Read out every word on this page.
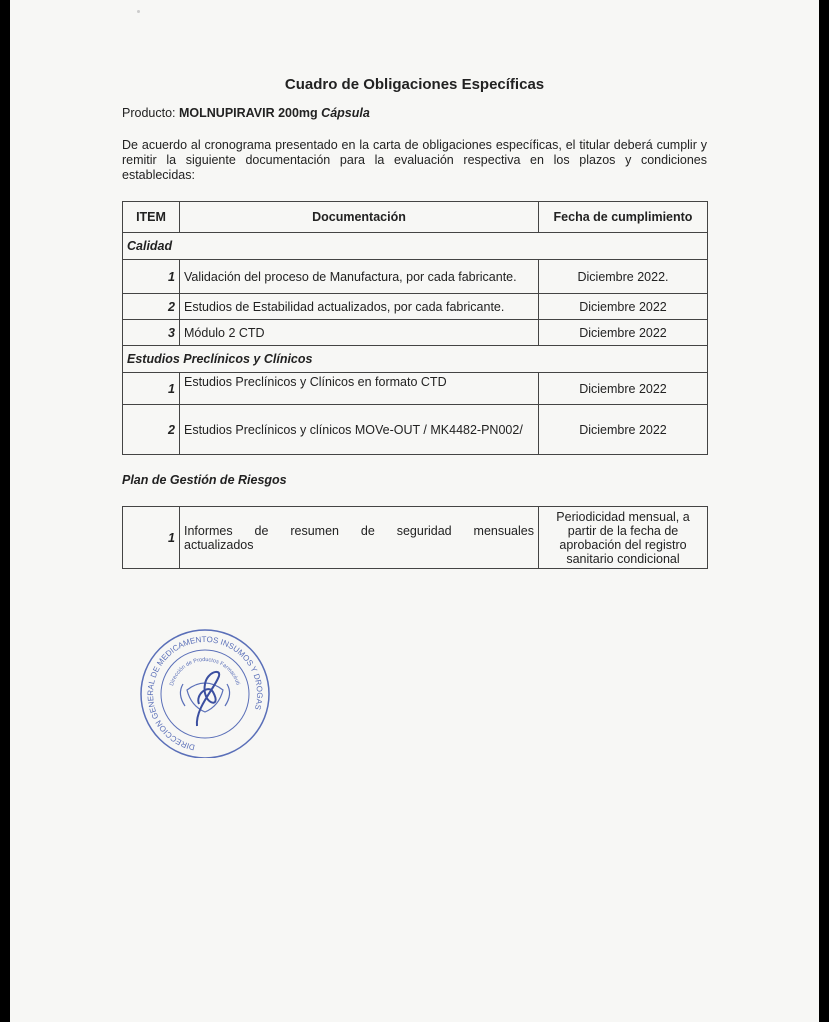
Cuadro de Obligaciones Específicas
Producto: MOLNUPIRAVIR 200mg Cápsula
De acuerdo al cronograma presentado en la carta de obligaciones específicas, el titular deberá cumplir y remitir la siguiente documentación para la evaluación respectiva en los plazos y condiciones establecidas:
ITEM	Documentación	Fecha de cumplimiento
Calidad		
1	Validación del proceso de Manufactura, por cada fabricante.	Diciembre 2022.
2	Estudios de Estabilidad actualizados, por cada fabricante.	Diciembre 2022
3	Módulo 2 CTD	Diciembre 2022
Estudios Preclínicos y Clínicos		
1	Estudios Preclínicos y Clínicos en formato CTD	Diciembre 2022
2	Estudios Preclínicos y clínicos MOVe-OUT / MK4482-PN002/	Diciembre 2022
Plan de Gestión de Riesgos
1	Informes de resumen de seguridad mensuales actualizados	Periodicidad mensual, a partir de la fecha de aprobación del registro sanitario condicional
DIRECCION GENERAL DE MEDICAMENTOS INSUMOS Y DROGAS
Dirección de Productos Farmacéuti
